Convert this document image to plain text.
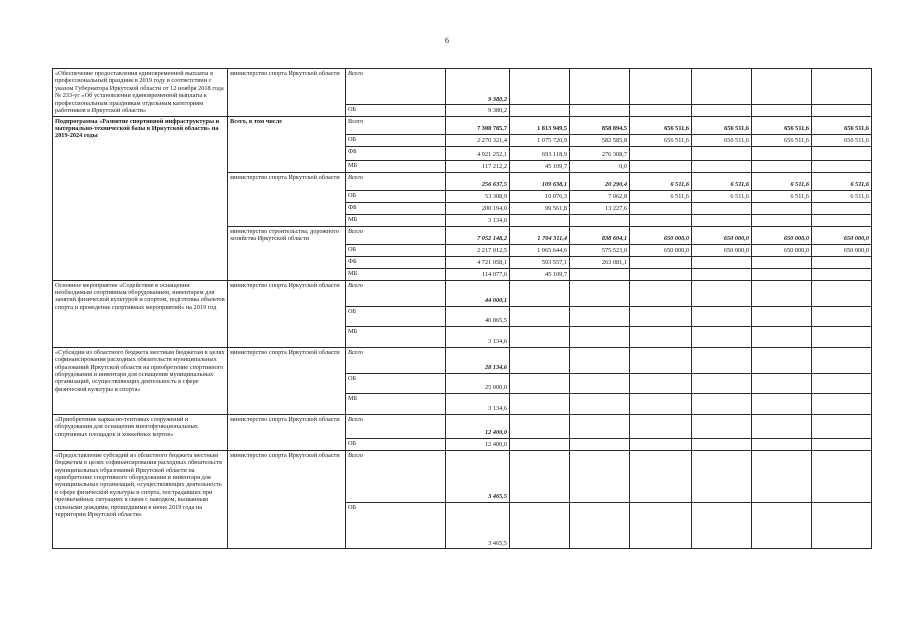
6
«Обеспечение предоставления единовременной выплаты в профессиональный праздник в 2019 году в соответствии с указом Губернатора Иркутской области от 12 ноября 2018 года № 233-уг «Об установлении единовременной выплаты к профессиональным праздникам отдельным категориям работников в Иркутской области»	министерство спорта Иркутской области	Всего	9 380,2						
		ОБ	9 380,2						

Подпрограмма «Развитие спортивной инфраструктуры и материально-технической базы в Иркутской области» на 2019-2024 годы	Всего, в том числе	Всего	7 308 785,7	1 813 949,5	858 894,5	656 511,6	656 511,6	656 511,6	656 511,6
		ОБ	2 270 321,4	1 075 720,9	582 585,8	656 511,6	656 511,6	656 511,6	656 511,6
		ФБ	4 921 252,1	693 118,9	276 308,7				
		МБ	117 212,2	45 109,7	0,0				

	министерство спорта Иркутской области	Всего	256 637,5	109 638,1	20 290,4	6 511,6	6 511,6	6 511,6	6 511,6
		ОБ	53 308,9	10 076,3	7 062,8	6 511,6	6 511,6	6 511,6	6 511,6
		ФБ	200 194,0	99 561,8	13 227,6				
		МБ	3 134,6						

	министерство строительства, дорожного хозяйства Иркутской области	Всего	7 052 148,2	1 704 311,4	838 604,1	650 000,0	650 000,0	650 000,0	650 000,0
		ОБ	2 217 012,5	1 065 644,6	575 523,0	650 000,0	650 000,0	650 000,0	650 000,0
		ФБ	4 721 058,1	593 557,1	263 081,1				
		МБ	114 077,6	45 109,7					

Основное мероприятие «Содействие в оснащении необходимым спортивным оборудованием, инвентарем для занятий физической культурой и спортом, подготовка объектов спорта и проведение спортивных мероприятий» на 2019 год	министерство спорта Иркутской области	Всего	44 000,1						
		ОБ	40 865,5						
		МБ	3 134,6						

«Субсидии из областного бюджета местным бюджетам в целях софинансирования расходных обязательств муниципальных образований Иркутской области на приобретение спортивного оборудования и инвентаря для оснащения муниципальных организаций, осуществляющих деятельность в сфере физической культуры и спорта»	министерство спорта Иркутской области	Всего	28 134,6						
		ОБ	25 000,0						
		МБ	3 134,6						

«Приобретение каркасно-тентовых сооружений и оборудования для оснащения многофункциональных спортивных площадок и хоккейных кортов»	министерство спорта Иркутской области	Всего	12 400,0						
		ОБ	12 400,0						

«Предоставление субсидий из областного бюджета местным бюджетам в целях софинансирования расходных обязательств муниципальных образований Иркутской области на приобретение спортивного оборудования и инвентаря для муниципальных организаций, осуществляющих деятельность в сфере физической культуры и спорта, пострадавших при чрезвычайных ситуациях в связи с паводком, вызванным сильными дождями, прошедшими в июне 2019 года на территории Иркутской области»	министерство спорта Иркутской области	Всего	3 465,5						
		ОБ	3 465,5						
